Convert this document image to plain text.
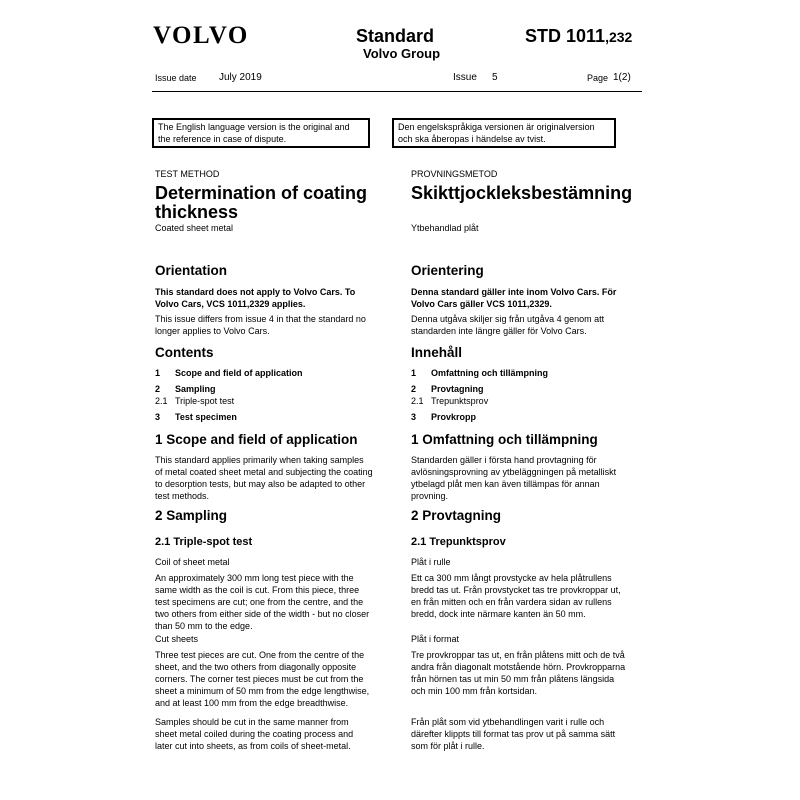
VOLVO	Standard
Volvo Group
STD 1011,232
Issue date July 2019	Issue 5	Page 1(2)
The English language version is the original and
the reference in case of dispute.
Den engelskspråkiga versionen är originalversion
och ska åberopas i händelse av tvist.
TEST METHOD
Determination of coating
thickness
Coated sheet metal
Orientation
This standard does not apply to Volvo Cars. To
Volvo Cars, VCS 1011,2329 applies.
This issue differs from issue 4 in that the standard no
longer applies to Volvo Cars.
Contents
1 Scope and field of application
2 Sampling
2.1 Triple-spot test
3 Test specimen
1 Scope and field of application
This standard applies primarily when taking samples
of metal coated sheet metal and subjecting the coating
to desorption tests, but may also be adapted to other
test methods.
2 Sampling
2.1 Triple-spot test
Coil of sheet metal
An approximately 300 mm long test piece with the
same width as the coil is cut. From this piece, three
test specimens are cut; one from the centre, and the
two others from either side of the width - but no closer
than 50 mm to the edge.
Cut sheets
Three test pieces are cut. One from the centre of the
sheet, and the two others from diagonally opposite
corners. The corner test pieces must be cut from the
sheet a minimum of 50 mm from the edge lengthwise,
and at least 100 mm from the edge breadthwise.
Samples should be cut in the same manner from
sheet metal coiled during the coating process and
later cut into sheets, as from coils of sheet-metal.
PROVNINGSMETOD
Skikttjockleksbestämning
Ytbehandlad plåt
Orientering
Denna standard gäller inte inom Volvo Cars. För
Volvo Cars gäller VCS 1011,2329.
Denna utgåva skiljer sig från utgåva 4 genom att
standarden inte längre gäller för Volvo Cars.
Innehåll
1 Omfattning och tillämpning
2 Provtagning
2.1 Trepunktsprov
3 Provkropp
1 Omfattning och tillämpning
Standarden gäller i första hand provtagning för
avlösningsprovning av ytbeläggningen på metalliskt
ytbelagd plåt men kan även tillämpas för annan
provning.
2 Provtagning
2.1 Trepunktsprov
Plåt i rulle
Ett ca 300 mm långt provstycke av hela plåtrullens
bredd tas ut. Från provstycket tas tre provkroppar ut,
en från mitten och en från vardera sidan av rullens
bredd, dock inte närmare kanten än 50 mm.
Plåt i format
Tre provkroppar tas ut, en från plåtens mitt och de två
andra från diagonalt motstående hörn. Provkropparna
från hörnen tas ut min 50 mm från plåtens längsida
och min 100 mm från kortsidan.
Från plåt som vid ytbehandlingen varit i rulle och
därefter klippts till format tas prov ut på samma sätt
som för plåt i rulle.
